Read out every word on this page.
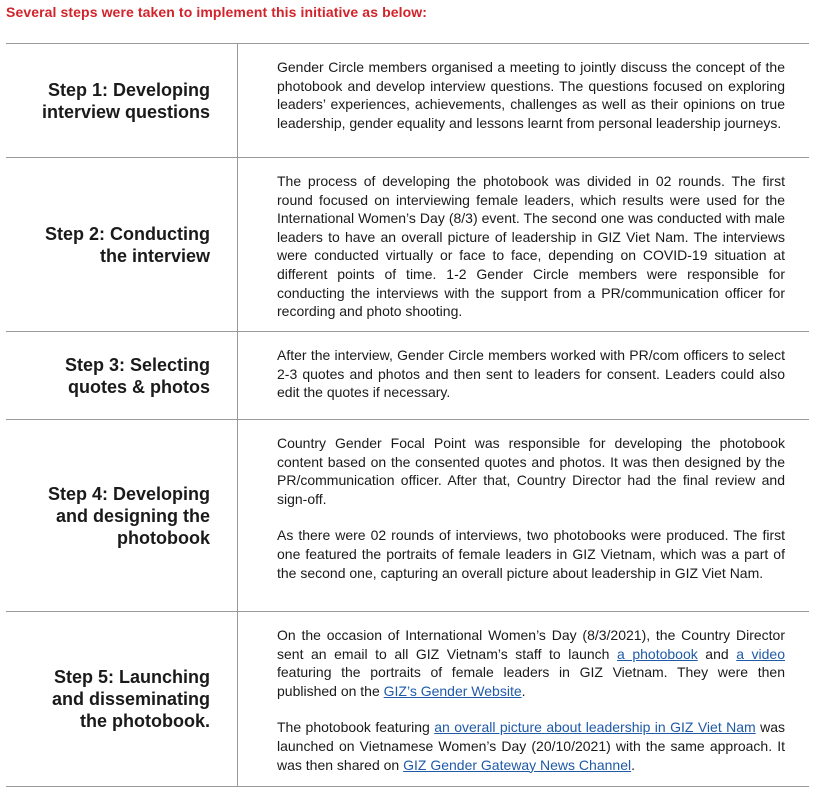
Several steps were taken to implement this initiative as below:
Step 1: Developing interview questions

Gender Circle members organised a meeting to jointly discuss the concept of the photobook and develop interview questions. The questions focused on exploring leaders’ experiences, achievements, challenges as well as their opinions on true leadership, gender equality and lessons learnt from personal leadership journeys.

Step 2: Conducting the interview

The process of developing the photobook was divided in 02 rounds. The first round focused on interviewing female leaders, which results were used for the International Women’s Day (8/3) event. The second one was conducted with male leaders to have an overall picture of leadership in GIZ Viet Nam. The interviews were conducted virtually or face to face, depending on COVID-19 situation at different points of time. 1-2 Gender Circle members were responsible for conducting the interviews with the support from a PR/communication officer for recording and photo shooting.

Step 3: Selecting quotes & photos

After the interview, Gender Circle members worked with PR/com officers to select 2-3 quotes and photos and then sent to leaders for consent. Leaders could also edit the quotes if necessary.

Step 4: Developing and designing the photobook

Country Gender Focal Point was responsible for developing the photobook content based on the consented quotes and photos. It was then designed by the PR/communication officer. After that, Country Director had the final review and sign-off.

As there were 02 rounds of interviews, two photobooks were produced. The first one featured the portraits of female leaders in GIZ Vietnam, which was a part of the second one, capturing an overall picture about leadership in GIZ Viet Nam.

Step 5: Launching and disseminating the photobook.

On the occasion of International Women’s Day (8/3/2021), the Country Director sent an email to all GIZ Vietnam’s staff to launch a photobook and a video featuring the portraits of female leaders in GIZ Vietnam. They were then published on the GIZ’s Gender Website.

The photobook featuring an overall picture about leadership in GIZ Viet Nam was launched on Vietnamese Women’s Day (20/10/2021) with the same approach. It was then shared on GIZ Gender Gateway News Channel.
